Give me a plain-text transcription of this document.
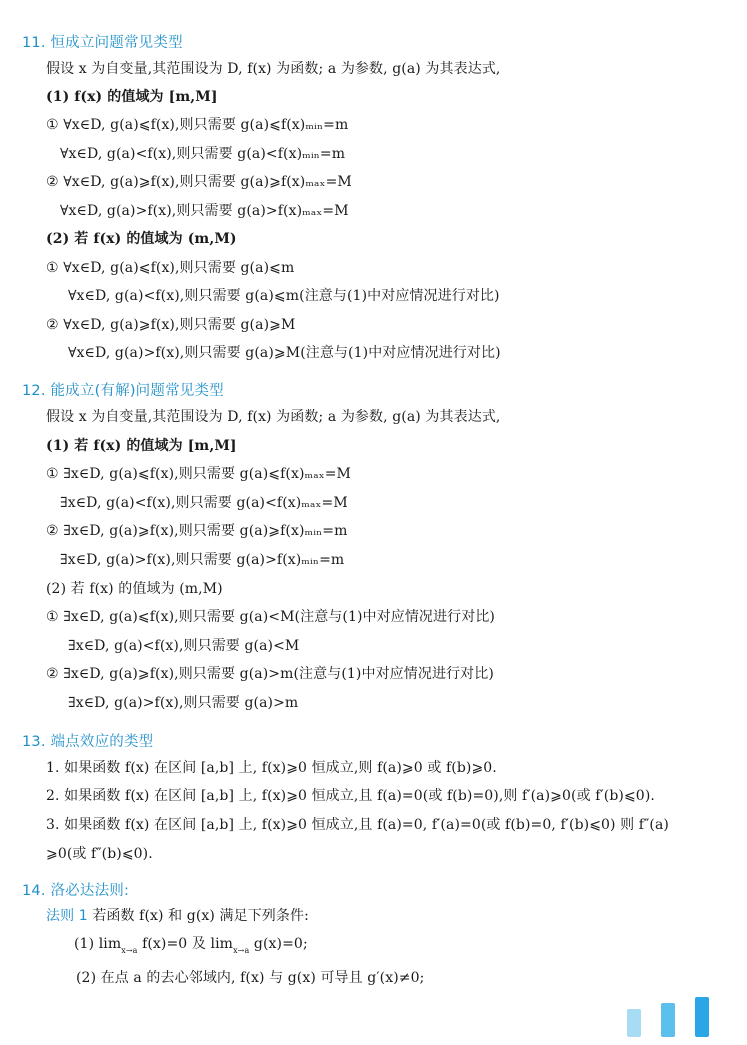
11. 恒成立问题常见类型
假设 x 为自变量,其范围设为 D, f(x) 为函数; a 为参数, g(a) 为其表达式,
(1) f(x) 的值域为 [m,M]
① ∀x∈D, g(a)⩽f(x),则只需要 g(a)⩽f(x)ₘᵢₙ=m
∀x∈D, g(a)<f(x),则只需要 g(a)<f(x)ₘᵢₙ=m
② ∀x∈D, g(a)⩾f(x),则只需要 g(a)⩾f(x)ₘₐₓ=M
∀x∈D, g(a)>f(x),则只需要 g(a)>f(x)ₘₐₓ=M
(2) 若 f(x) 的值域为 (m,M)
① ∀x∈D, g(a)⩽f(x),则只需要 g(a)⩽m
∀x∈D, g(a)<f(x),则只需要 g(a)⩽m(注意与(1)中对应情况进行对比)
② ∀x∈D, g(a)⩾f(x),则只需要 g(a)⩾M
∀x∈D, g(a)>f(x),则只需要 g(a)⩾M(注意与(1)中对应情况进行对比)
12. 能成立(有解)问题常见类型
假设 x 为自变量,其范围设为 D, f(x) 为函数; a 为参数, g(a) 为其表达式,
(1) 若 f(x) 的值域为 [m,M]
① ∃x∈D, g(a)⩽f(x),则只需要 g(a)⩽f(x)ₘₐₓ=M
∃x∈D, g(a)<f(x),则只需要 g(a)<f(x)ₘₐₓ=M
② ∃x∈D, g(a)⩾f(x),则只需要 g(a)⩾f(x)ₘᵢₙ=m
∃x∈D, g(a)>f(x),则只需要 g(a)>f(x)ₘᵢₙ=m
(2) 若 f(x) 的值域为 (m,M)
① ∃x∈D, g(a)⩽f(x),则只需要 g(a)<M(注意与(1)中对应情况进行对比)
∃x∈D, g(a)<f(x),则只需要 g(a)<M
② ∃x∈D, g(a)⩾f(x),则只需要 g(a)>m(注意与(1)中对应情况进行对比)
∃x∈D, g(a)>f(x),则只需要 g(a)>m
13. 端点效应的类型
1. 如果函数 f(x) 在区间 [a,b] 上, f(x)⩾0 恒成立,则 f(a)⩾0 或 f(b)⩾0.
2. 如果函数 f(x) 在区间 [a,b] 上, f(x)⩾0 恒成立,且 f(a)=0(或 f(b)=0),则 f′(a)⩾0(或 f′(b)⩽0).
3. 如果函数 f(x) 在区间 [a,b] 上, f(x)⩾0 恒成立,且 f(a)=0, f′(a)=0(或 f(b)=0, f′(b)⩽0) 则 f″(a)
⩾0(或 f″(b)⩽0).
14. 洛必达法则:
法则 1 若函数 f(x) 和 g(x) 满足下列条件:
(1) $\lim_{x\to a} f(x)=0$ 及 $\lim_{x\to a} g(x)=0$;
(2) 在点 a 的去心邻域内, f(x) 与 g(x) 可导且 g′(x)≠0;
